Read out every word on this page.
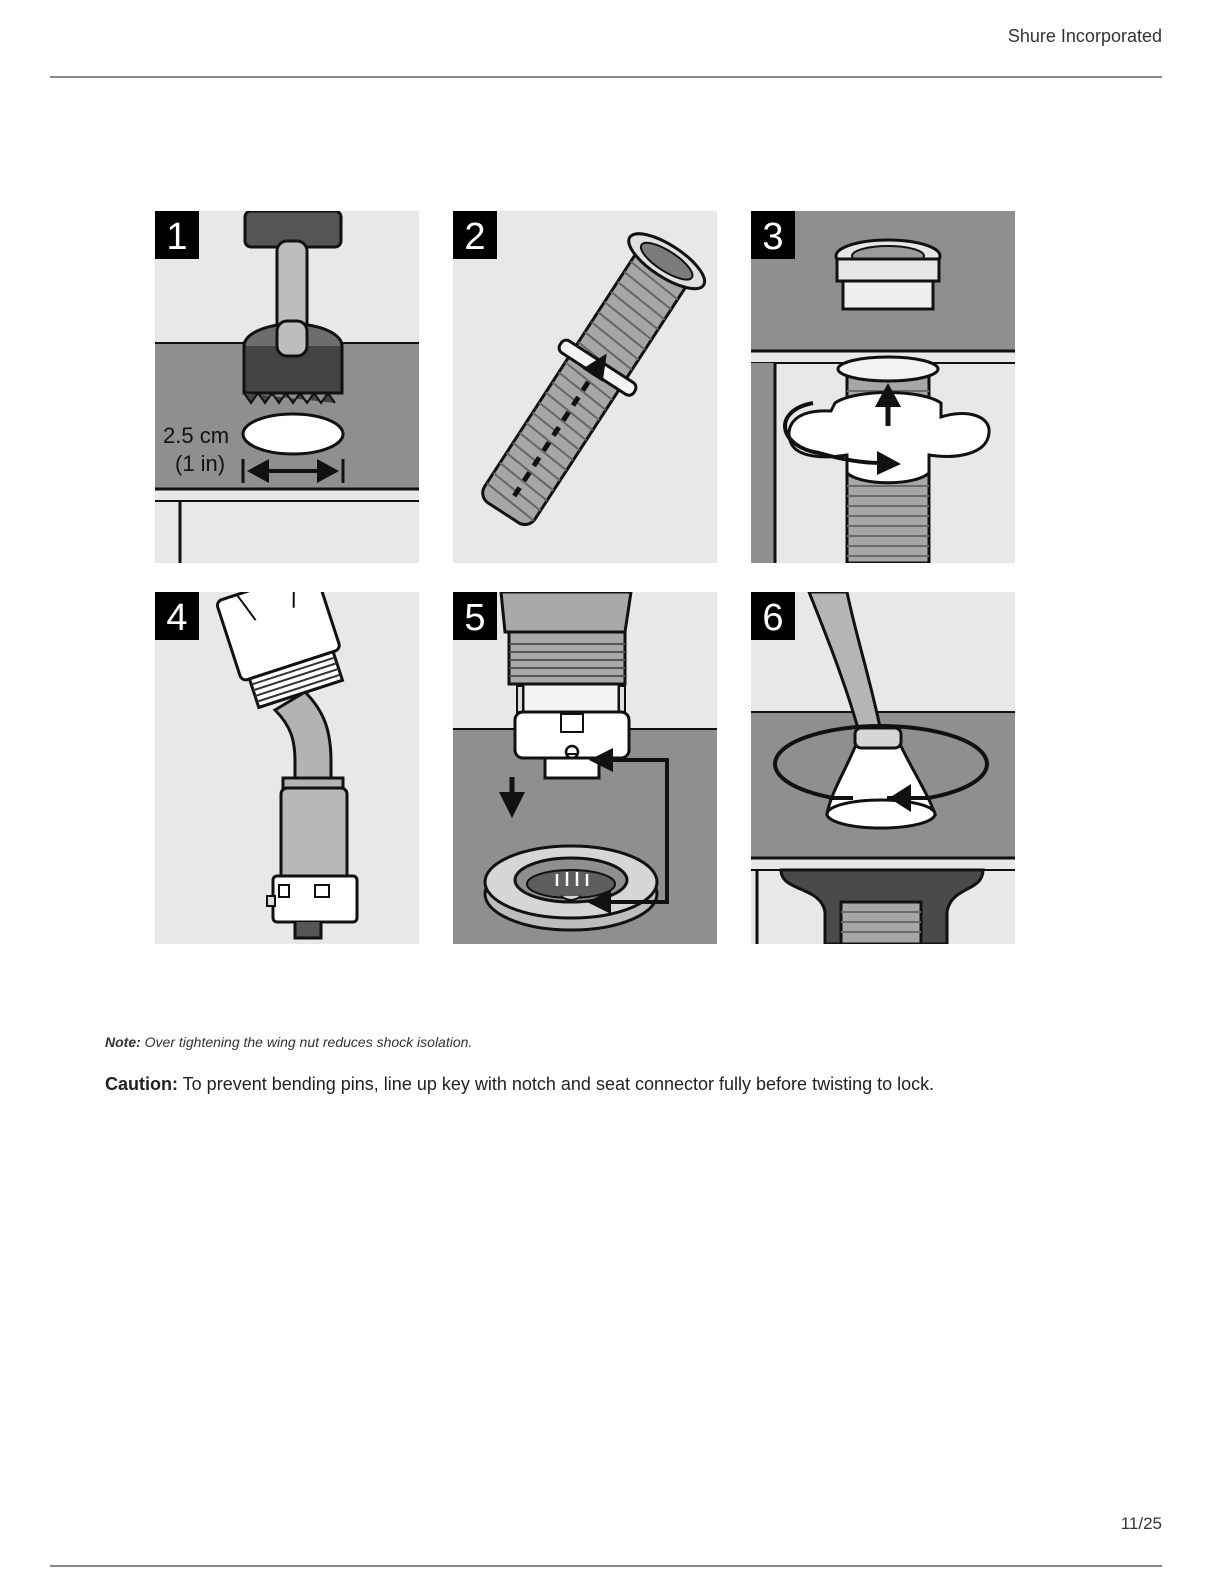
Shure Incorporated
2.5 cm
(1 in)
1	2	3
4	5	6
Note: Over tightening the wing nut reduces shock isolation.
Caution: To prevent bending pins, line up key with notch and seat connector fully before twisting to lock.
11/25
